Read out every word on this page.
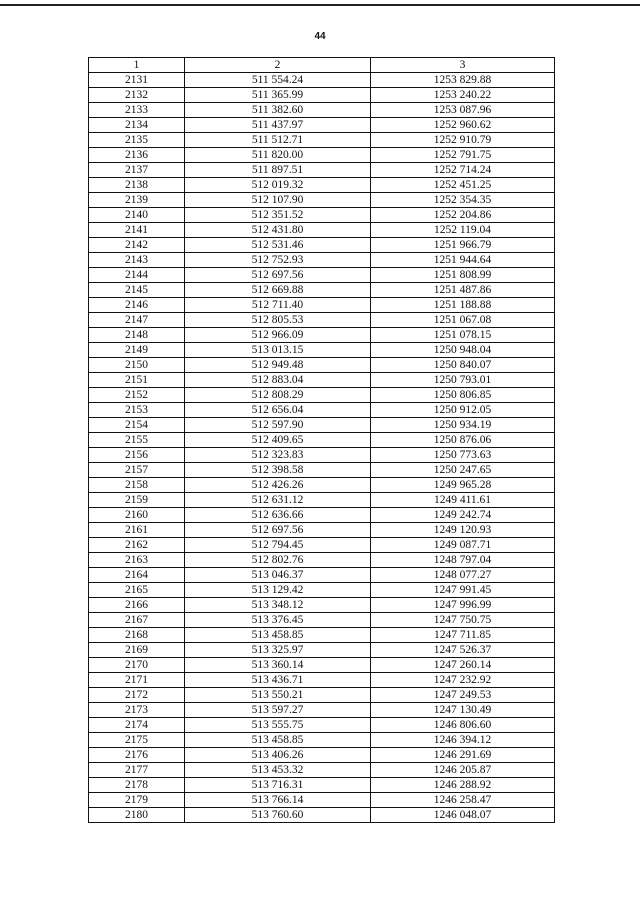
44
1	2	3
2131	511 554.24	1253 829.88
2132	511 365.99	1253 240.22
2133	511 382.60	1253 087.96
2134	511 437.97	1252 960.62
2135	511 512.71	1252 910.79
2136	511 820.00	1252 791.75
2137	511 897.51	1252 714.24
2138	512 019.32	1252 451.25
2139	512 107.90	1252 354.35
2140	512 351.52	1252 204.86
2141	512 431.80	1252 119.04
2142	512 531.46	1251 966.79
2143	512 752.93	1251 944.64
2144	512 697.56	1251 808.99
2145	512 669.88	1251 487.86
2146	512 711.40	1251 188.88
2147	512 805.53	1251 067.08
2148	512 966.09	1251 078.15
2149	513 013.15	1250 948.04
2150	512 949.48	1250 840.07
2151	512 883.04	1250 793.01
2152	512 808.29	1250 806.85
2153	512 656.04	1250 912.05
2154	512 597.90	1250 934.19
2155	512 409.65	1250 876.06
2156	512 323.83	1250 773.63
2157	512 398.58	1250 247.65
2158	512 426.26	1249 965.28
2159	512 631.12	1249 411.61
2160	512 636.66	1249 242.74
2161	512 697.56	1249 120.93
2162	512 794.45	1249 087.71
2163	512 802.76	1248 797.04
2164	513 046.37	1248 077.27
2165	513 129.42	1247 991.45
2166	513 348.12	1247 996.99
2167	513 376.45	1247 750.75
2168	513 458.85	1247 711.85
2169	513 325.97	1247 526.37
2170	513 360.14	1247 260.14
2171	513 436.71	1247 232.92
2172	513 550.21	1247 249.53
2173	513 597.27	1247 130.49
2174	513 555.75	1246 806.60
2175	513 458.85	1246 394.12
2176	513 406.26	1246 291.69
2177	513 453.32	1246 205.87
2178	513 716.31	1246 288.92
2179	513 766.14	1246 258.47
2180	513 760.60	1246 048.07
